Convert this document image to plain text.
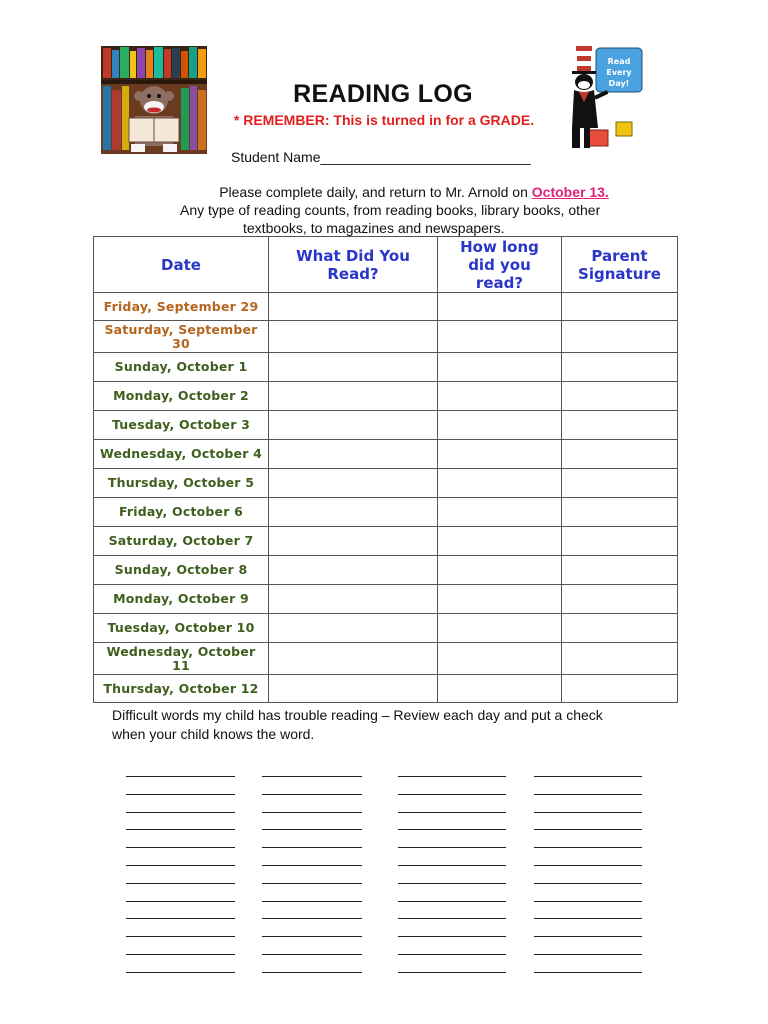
Read
Every
Day!
READING LOG
* REMEMBER: This is turned in for a GRADE.
Student Name___________________________
Please complete daily, and return to Mr. Arnold on October 13.
Any type of reading counts, from reading books, library books, other
textbooks, to magazines and newspapers.
Date	What Did You Read?	How long did you read?	Parent Signature

Friday, September 29			
Saturday, September 30			
Sunday, October 1			
Monday, October 2			
Tuesday, October 3			
Wednesday, October 4			
Thursday, October 5			
Friday, October 6			
Saturday, October 7			
Sunday, October 8			
Monday, October 9			
Tuesday, October 10			
Wednesday, October 11			
Thursday, October 12			
Difficult words my child has trouble reading – Review each day and put a check
when your child knows the word.
